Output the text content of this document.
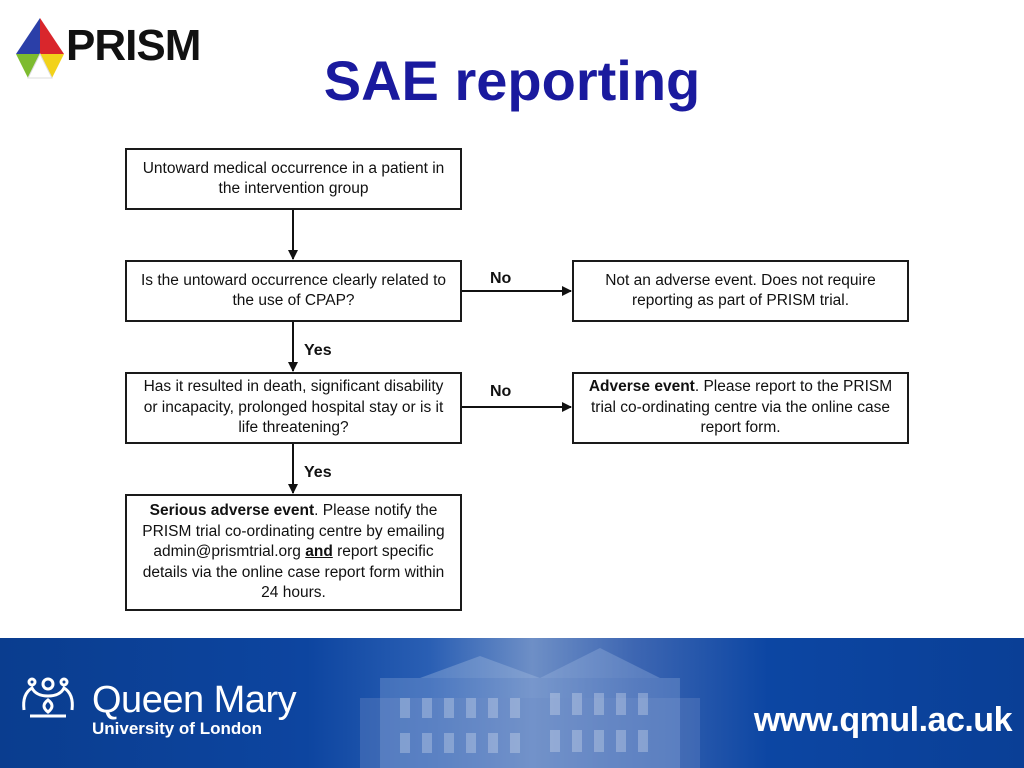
PRISM
SAE reporting
Untoward medical occurrence in a patient in the intervention group
Is the untoward occurrence clearly related to the use of CPAP?
Not an adverse event. Does not require reporting as part of PRISM trial.
Has it resulted in death, significant disability or incapacity, prolonged hospital stay or is it life threatening?
Adverse event. Please report to the PRISM trial co-ordinating centre via the online case report form.
Serious adverse event. Please notify the PRISM trial co-ordinating centre by emailing admin@prismtrial.org and report specific details via the online case report form within 24 hours.
No
Yes
No
Yes
Queen Mary
University of London	www.qmul.ac.uk
